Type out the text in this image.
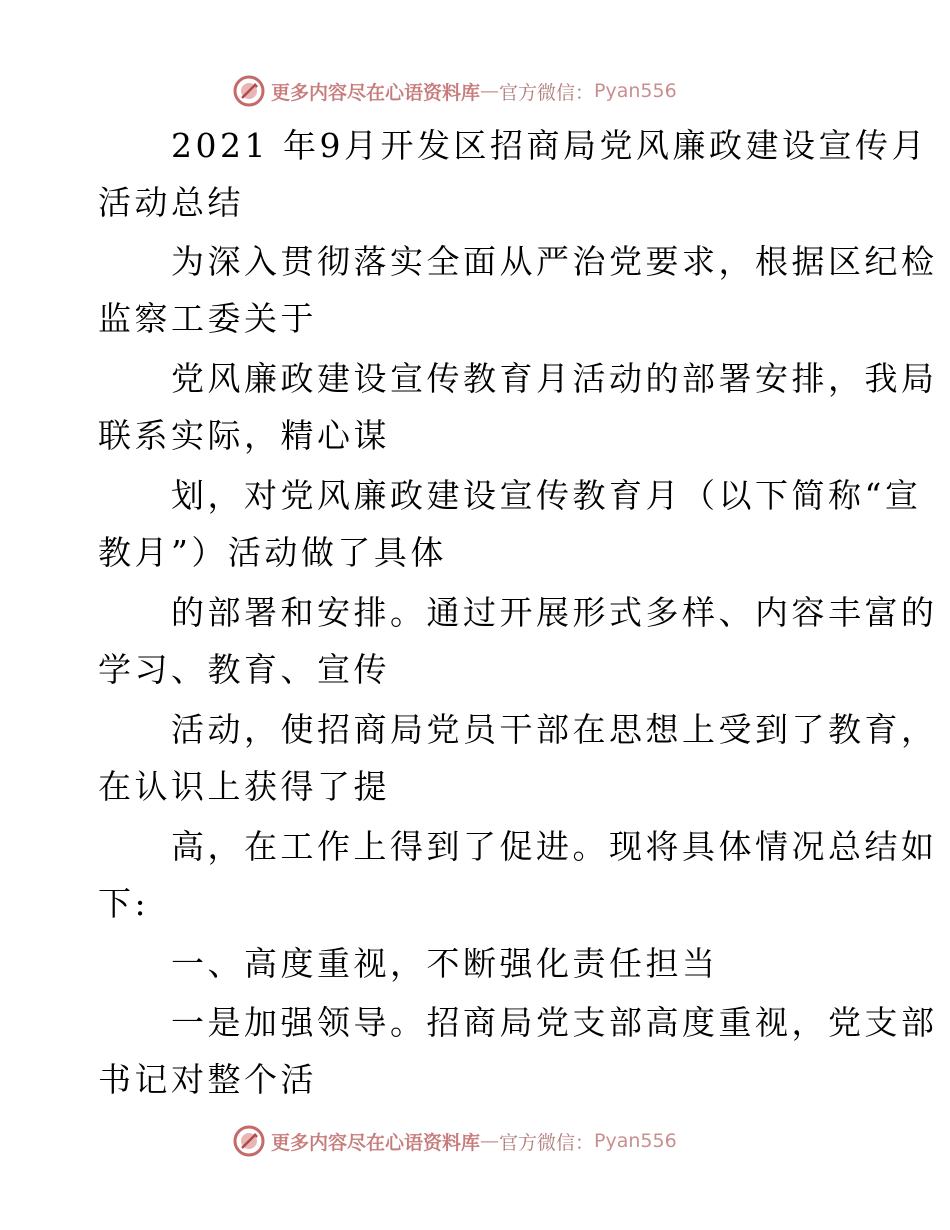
更多内容尽在心语资料库 — 官方微信： Pyan556
　　2021 年9月开发区招商局党风廉政建设宣传月
活动总结
　　为深入贯彻落实全面从严治党要求，根据区纪检
监察工委关于
　　党风廉政建设宣传教育月活动的部署安排，我局
联系实际，精心谋
　　划，对党风廉政建设宣传教育月（以下简称“宣
教月”）活动做了具体
　　的部署和安排。通过开展形式多样、内容丰富的
学习、教育、宣传
　　活动，使招商局党员干部在思想上受到了教育，
在认识上获得了提
　　高，在工作上得到了促进。现将具体情况总结如
下:
　　一、高度重视，不断强化责任担当
　　一是加强领导。招商局党支部高度重视，党支部
书记对整个活
更多内容尽在心语资料库 — 官方微信： Pyan556
